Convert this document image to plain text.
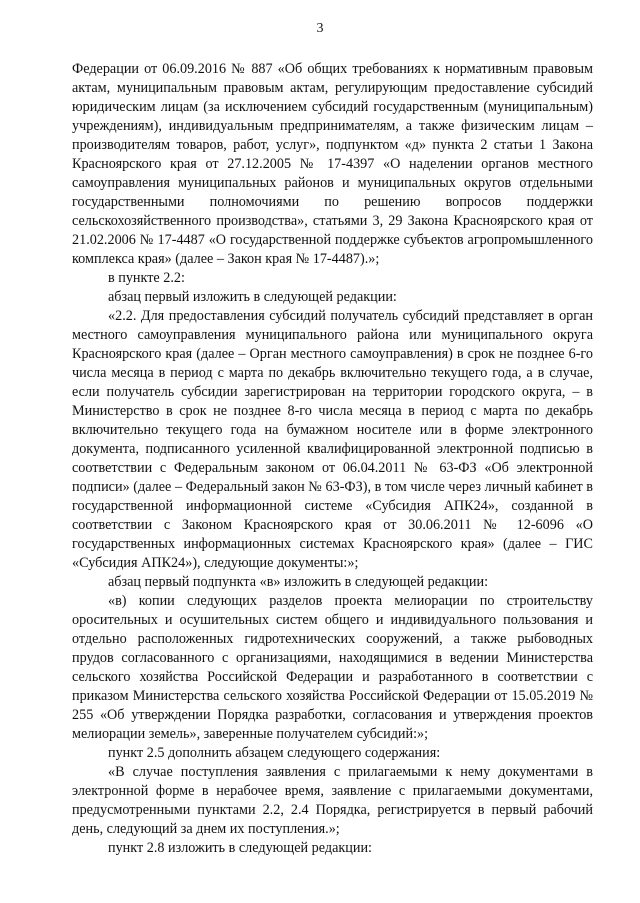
3

Федерации от 06.09.2016 № 887 «Об общих требованиях к нормативным правовым актам, муниципальным правовым актам, регулирующим предоставление субсидий юридическим лицам (за исключением субсидий государственным (муниципальным) учреждениям), индивидуальным предпринимателям, а также физическим лицам – производителям товаров, работ, услуг», подпунктом «д» пункта 2 статьи 1 Закона Красноярского края от 27.12.2005 № 17-4397 «О наделении органов местного самоуправления муниципальных районов и муниципальных округов отдельными государственными полномочиями по решению вопросов поддержки сельскохозяйственного производства», статьями 3, 29 Закона Красноярского края от 21.02.2006 № 17-4487 «О государственной поддержке субъектов агропромышленного комплекса края» (далее – Закон края № 17-4487).»;

в пункте 2.2:

абзац первый изложить в следующей редакции:

«2.2. Для предоставления субсидий получатель субсидий представляет в орган местного самоуправления муниципального района или муниципального округа Красноярского края (далее – Орган местного самоуправления) в срок не позднее 6-го числа месяца в период с марта по декабрь включительно текущего года, а в случае, если получатель субсидии зарегистрирован на территории городского округа, – в Министерство в срок не позднее 8-го числа месяца в период с марта по декабрь включительно текущего года на бумажном носителе или в форме электронного документа, подписанного усиленной квалифицированной электронной подписью в соответствии с Федеральным законом от 06.04.2011 № 63-ФЗ «Об электронной подписи» (далее – Федеральный закон № 63-ФЗ), в том числе через личный кабинет в государственной информационной системе «Субсидия АПК24», созданной в соответствии с Законом Красноярского края от 30.06.2011 № 12-6096 «О государственных информационных системах Красноярского края» (далее – ГИС «Субсидия АПК24»), следующие документы:»;

абзац первый подпункта «в» изложить в следующей редакции:

«в) копии следующих разделов проекта мелиорации по строительству оросительных и осушительных систем общего и индивидуального пользования и отдельно расположенных гидротехнических сооружений, а также рыбоводных прудов согласованного с организациями, находящимися в ведении Министерства сельского хозяйства Российской Федерации и разработанного в соответствии с приказом Министерства сельского хозяйства Российской Федерации от 15.05.2019 № 255 «Об утверждении Порядка разработки, согласования и утверждения проектов мелиорации земель», заверенные получателем субсидий:»;

пункт 2.5 дополнить абзацем следующего содержания:

«В случае поступления заявления с прилагаемыми к нему документами в электронной форме в нерабочее время, заявление с прилагаемыми документами, предусмотренными пунктами 2.2, 2.4 Порядка, регистрируется в первый рабочий день, следующий за днем их поступления.»;

пункт 2.8 изложить в следующей редакции:
